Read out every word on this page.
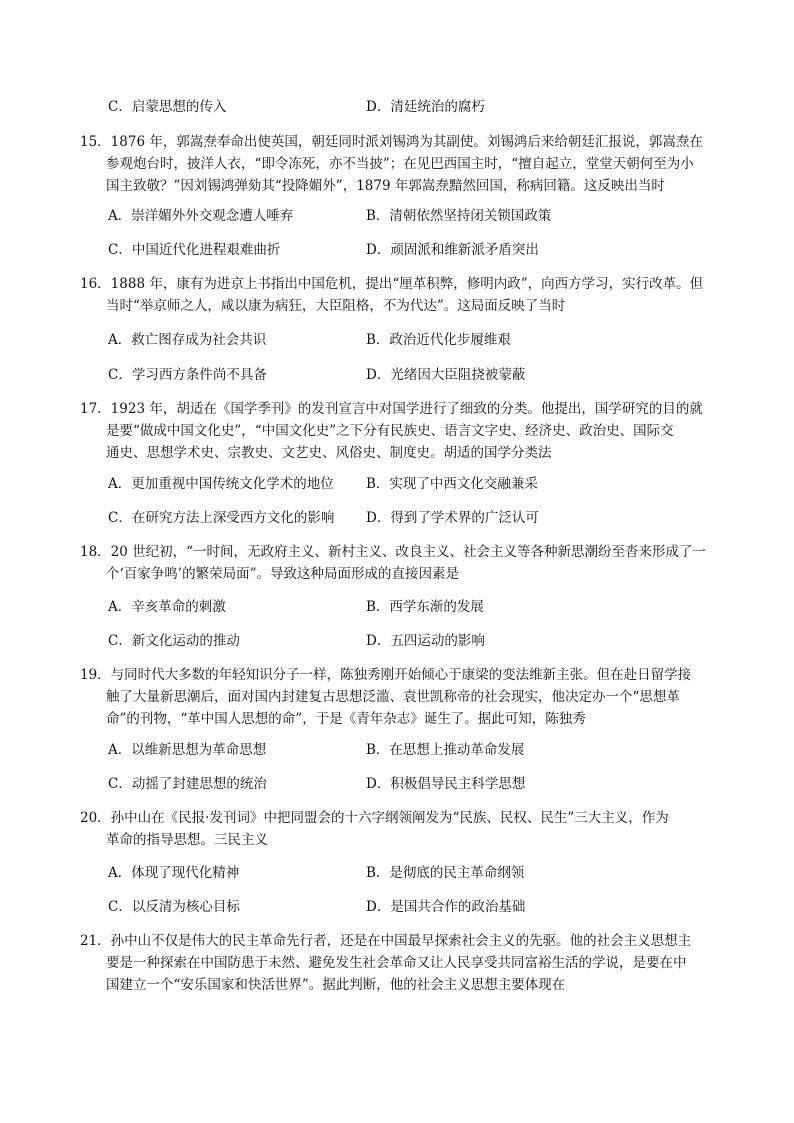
C．启蒙思想的传入	D．清廷统治的腐朽
15．1876 年，郭嵩焘奉命出使英国，朝廷同时派刘锡鸿为其副使。刘锡鸿后来给朝廷汇报说，郭嵩焘在
参观炮台时，披洋人衣，“即令冻死，亦不当披”；在见巴西国主时，“擅自起立，堂堂天朝何至为小
国主致敬？”因刘锡鸿弹劾其“投降媚外”，1879 年郭嵩焘黯然回国，称病回籍。这反映出当时
A．崇洋媚外外交观念遭人唾弃	B．清朝依然坚持闭关锁国政策
C．中国近代化进程艰难曲折	D．顽固派和维新派矛盾突出
16．1888 年，康有为进京上书指出中国危机，提出“厘革积弊，修明内政”，向西方学习，实行改革。但
当时“举京师之人，咸以康为病狂，大臣阻格，不为代达”。这局面反映了当时
A．救亡图存成为社会共识	B．政治近代化步履维艰
C．学习西方条件尚不具备	D．光绪因大臣阻挠被蒙蔽
17．1923 年，胡适在《国学季刊》的发刊宣言中对国学进行了细致的分类。他提出，国学研究的目的就
是要“做成中国文化史”，“中国文化史”之下分有民族史、语言文字史、经济史、政治史、国际交
通史、思想学术史、宗教史、文艺史、风俗史、制度史。胡适的国学分类法
A．更加重视中国传统文化学术的地位 B．实现了中西文化交融兼采
C．在研究方法上深受西方文化的影响 D．得到了学术界的广泛认可
18．20 世纪初，“一时间，无政府主义、新村主义、改良主义、社会主义等各种新思潮纷至沓来形成了一
个‘百家争鸣’的繁荣局面”。导致这种局面形成的直接因素是
A．辛亥革命的刺激	B．西学东渐的发展
C．新文化运动的推动	D．五四运动的影响
19．与同时代大多数的年轻知识分子一样，陈独秀刚开始倾心于康梁的变法维新主张。但在赴日留学接
触了大量新思潮后，面对国内封建复古思想泛滥、袁世凯称帝的社会现实，他决定办一个“思想革
命”的刊物，“革中国人思想的命”，于是《青年杂志》诞生了。据此可知，陈独秀
A．以维新思想为革命思想	B．在思想上推动革命发展
C．动摇了封建思想的统治	D．积极倡导民主科学思想
20．孙中山在《民报·发刊词》中把同盟会的十六字纲领阐发为“民族、民权、民生”三大主义，作为
革命的指导思想。三民主义
A．体现了现代化精神	B．是彻底的民主革命纲领
C．以反清为核心目标	D．是国共合作的政治基础
21．孙中山不仅是伟大的民主革命先行者，还是在中国最早探索社会主义的先驱。他的社会主义思想主
要是一种探索在中国防患于未然、避免发生社会革命又让人民享受共同富裕生活的学说，是要在中
国建立一个“安乐国家和快活世界”。据此判断，他的社会主义思想主要体现在
